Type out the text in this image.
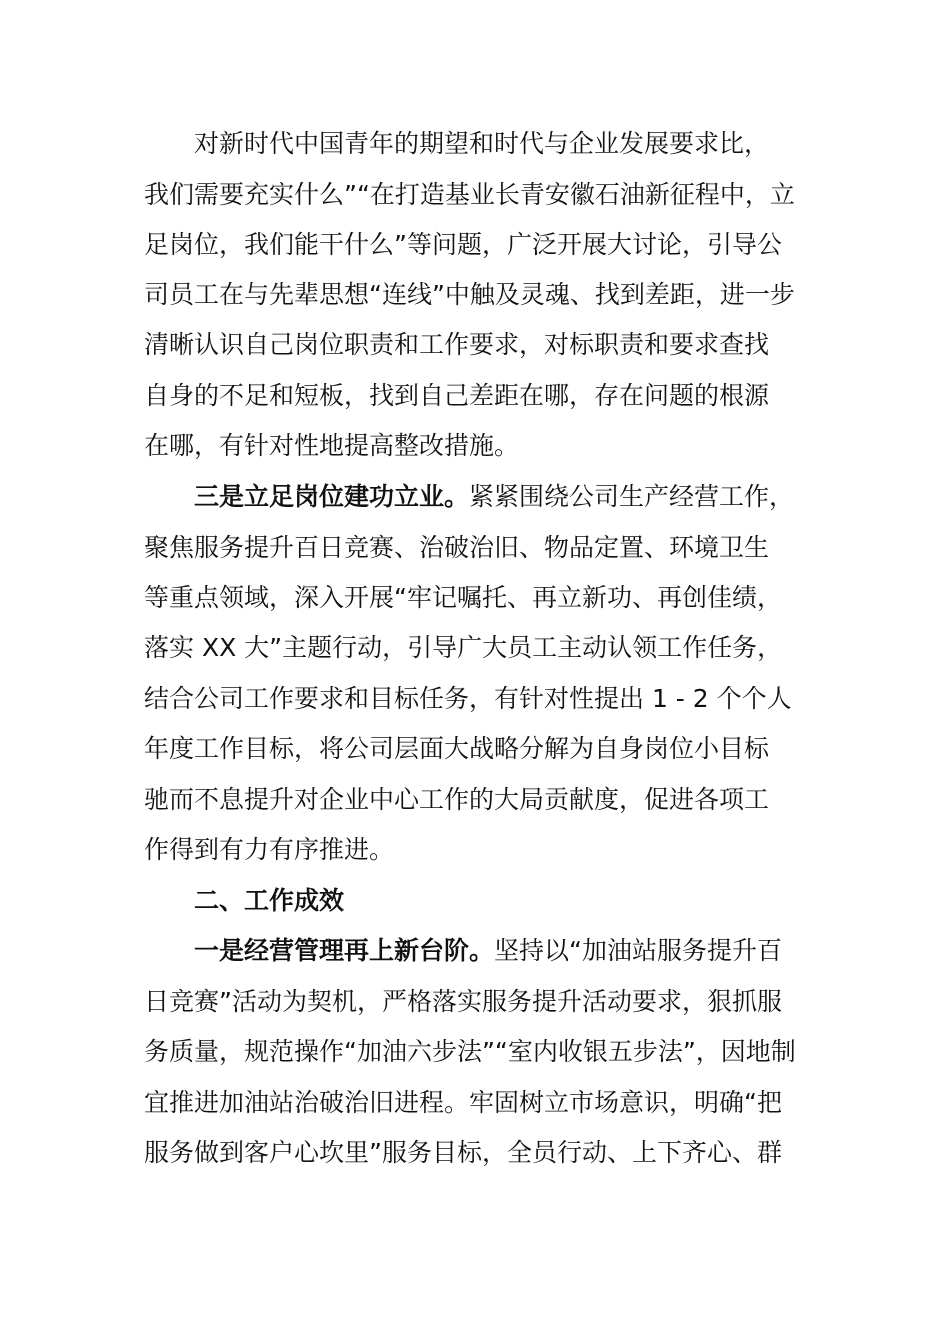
对新时代中国青年的期望和时代与企业发展要求比，
我们需要充实什么”“在打造基业长青安徽石油新征程中，立
足岗位，我们能干什么”等问题，广泛开展大讨论，引导公
司员工在与先辈思想“连线”中触及灵魂、找到差距，进一步
清晰认识自己岗位职责和工作要求，对标职责和要求查找
自身的不足和短板，找到自己差距在哪，存在问题的根源
在哪，有针对性地提高整改措施。
三是立足岗位建功立业。紧紧围绕公司生产经营工作，
聚焦服务提升百日竞赛、治破治旧、物品定置、环境卫生
等重点领域，深入开展“牢记嘱托、再立新功、再创佳绩，
落实 XX 大”主题行动，引导广大员工主动认领工作任务，
结合公司工作要求和目标任务，有针对性提出 1 - 2 个个人
年度工作目标，将公司层面大战略分解为自身岗位小目标
驰而不息提升对企业中心工作的大局贡献度，促进各项工
作得到有力有序推进。
二、工作成效
一是经营管理再上新台阶。坚持以“加油站服务提升百
日竞赛”活动为契机，严格落实服务提升活动要求，狠抓服
务质量，规范操作“加油六步法”“室内收银五步法”，因地制
宜推进加油站治破治旧进程。牢固树立市场意识，明确“把
服务做到客户心坎里”服务目标，全员行动、上下齐心、群
